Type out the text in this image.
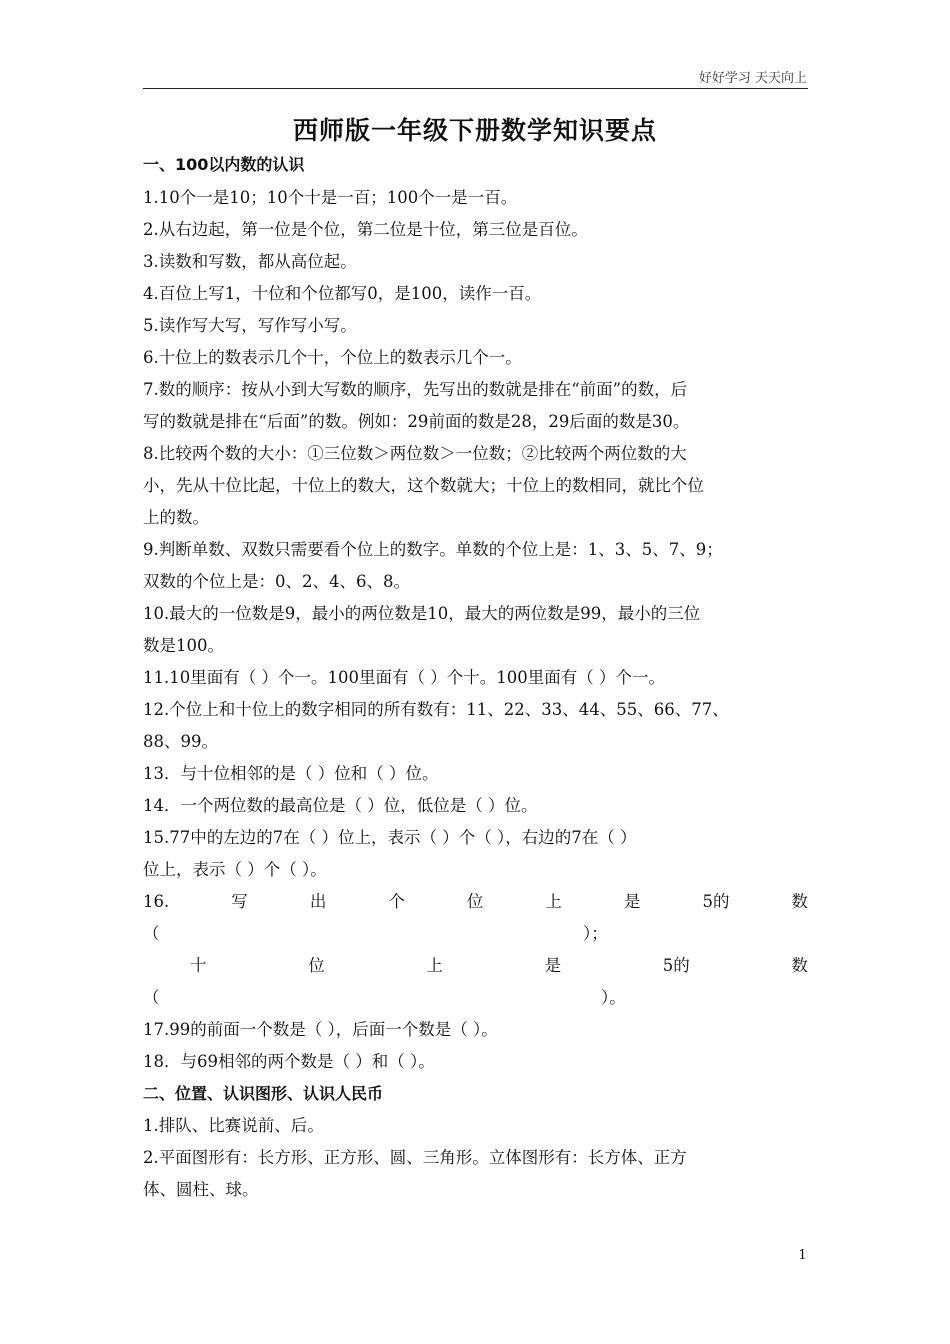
好好学习 天天向上
西师版一年级下册数学知识要点
一、100以内数的认识
1.10个一是10；10个十是一百；100个一是一百。
2.从右边起，第一位是个位，第二位是十位，第三位是百位。
3.读数和写数，都从高位起。
4.百位上写1，十位和个位都写0，是100，读作一百。
5.读作写大写，写作写小写。
6.十位上的数表示几个十，个位上的数表示几个一。
7.数的顺序：按从小到大写数的顺序，先写出的数就是排在“前面”的数，后
写的数就是排在“后面”的数。例如：29前面的数是28，29后面的数是30。
8.比较两个数的大小：①三位数＞两位数＞一位数；②比较两个两位数的大
小，先从十位比起，十位上的数大，这个数就大；十位上的数相同，就比个位
上的数。
9.判断单数、双数只需要看个位上的数字。单数的个位上是：1、3、5、7、9；
双数的个位上是：0、2、4、6、8。
10.最大的一位数是9，最小的两位数是10，最大的两位数是99，最小的三位
数是100。
11.10里面有（ ）个一。100里面有（ ）个十。100里面有（ ）个一。
12.个位上和十位上的数字相同的所有数有：11、22、33、44、55、66、77、
88、99。
13．与十位相邻的是（ ）位和（ ）位。
14．一个两位数的最高位是（ ）位，低位是（ ）位。
15.77中的左边的7在（ ）位上，表示（ ）个（ ），右边的7在（ ）
位上，表示（ ）个（ ）。
16.	写	出	个	位	上	是	5的	数
（	）；
十	位	上	是	5的	数
（	）。
17.99的前面一个数是（ ），后面一个数是（ ）。
18．与69相邻的两个数是（ ）和（ ）。
二、位置、认识图形、认识人民币
1.排队、比赛说前、后。
2.平面图形有：长方形、正方形、圆、三角形。立体图形有：长方体、正方
体、圆柱、球。
1
